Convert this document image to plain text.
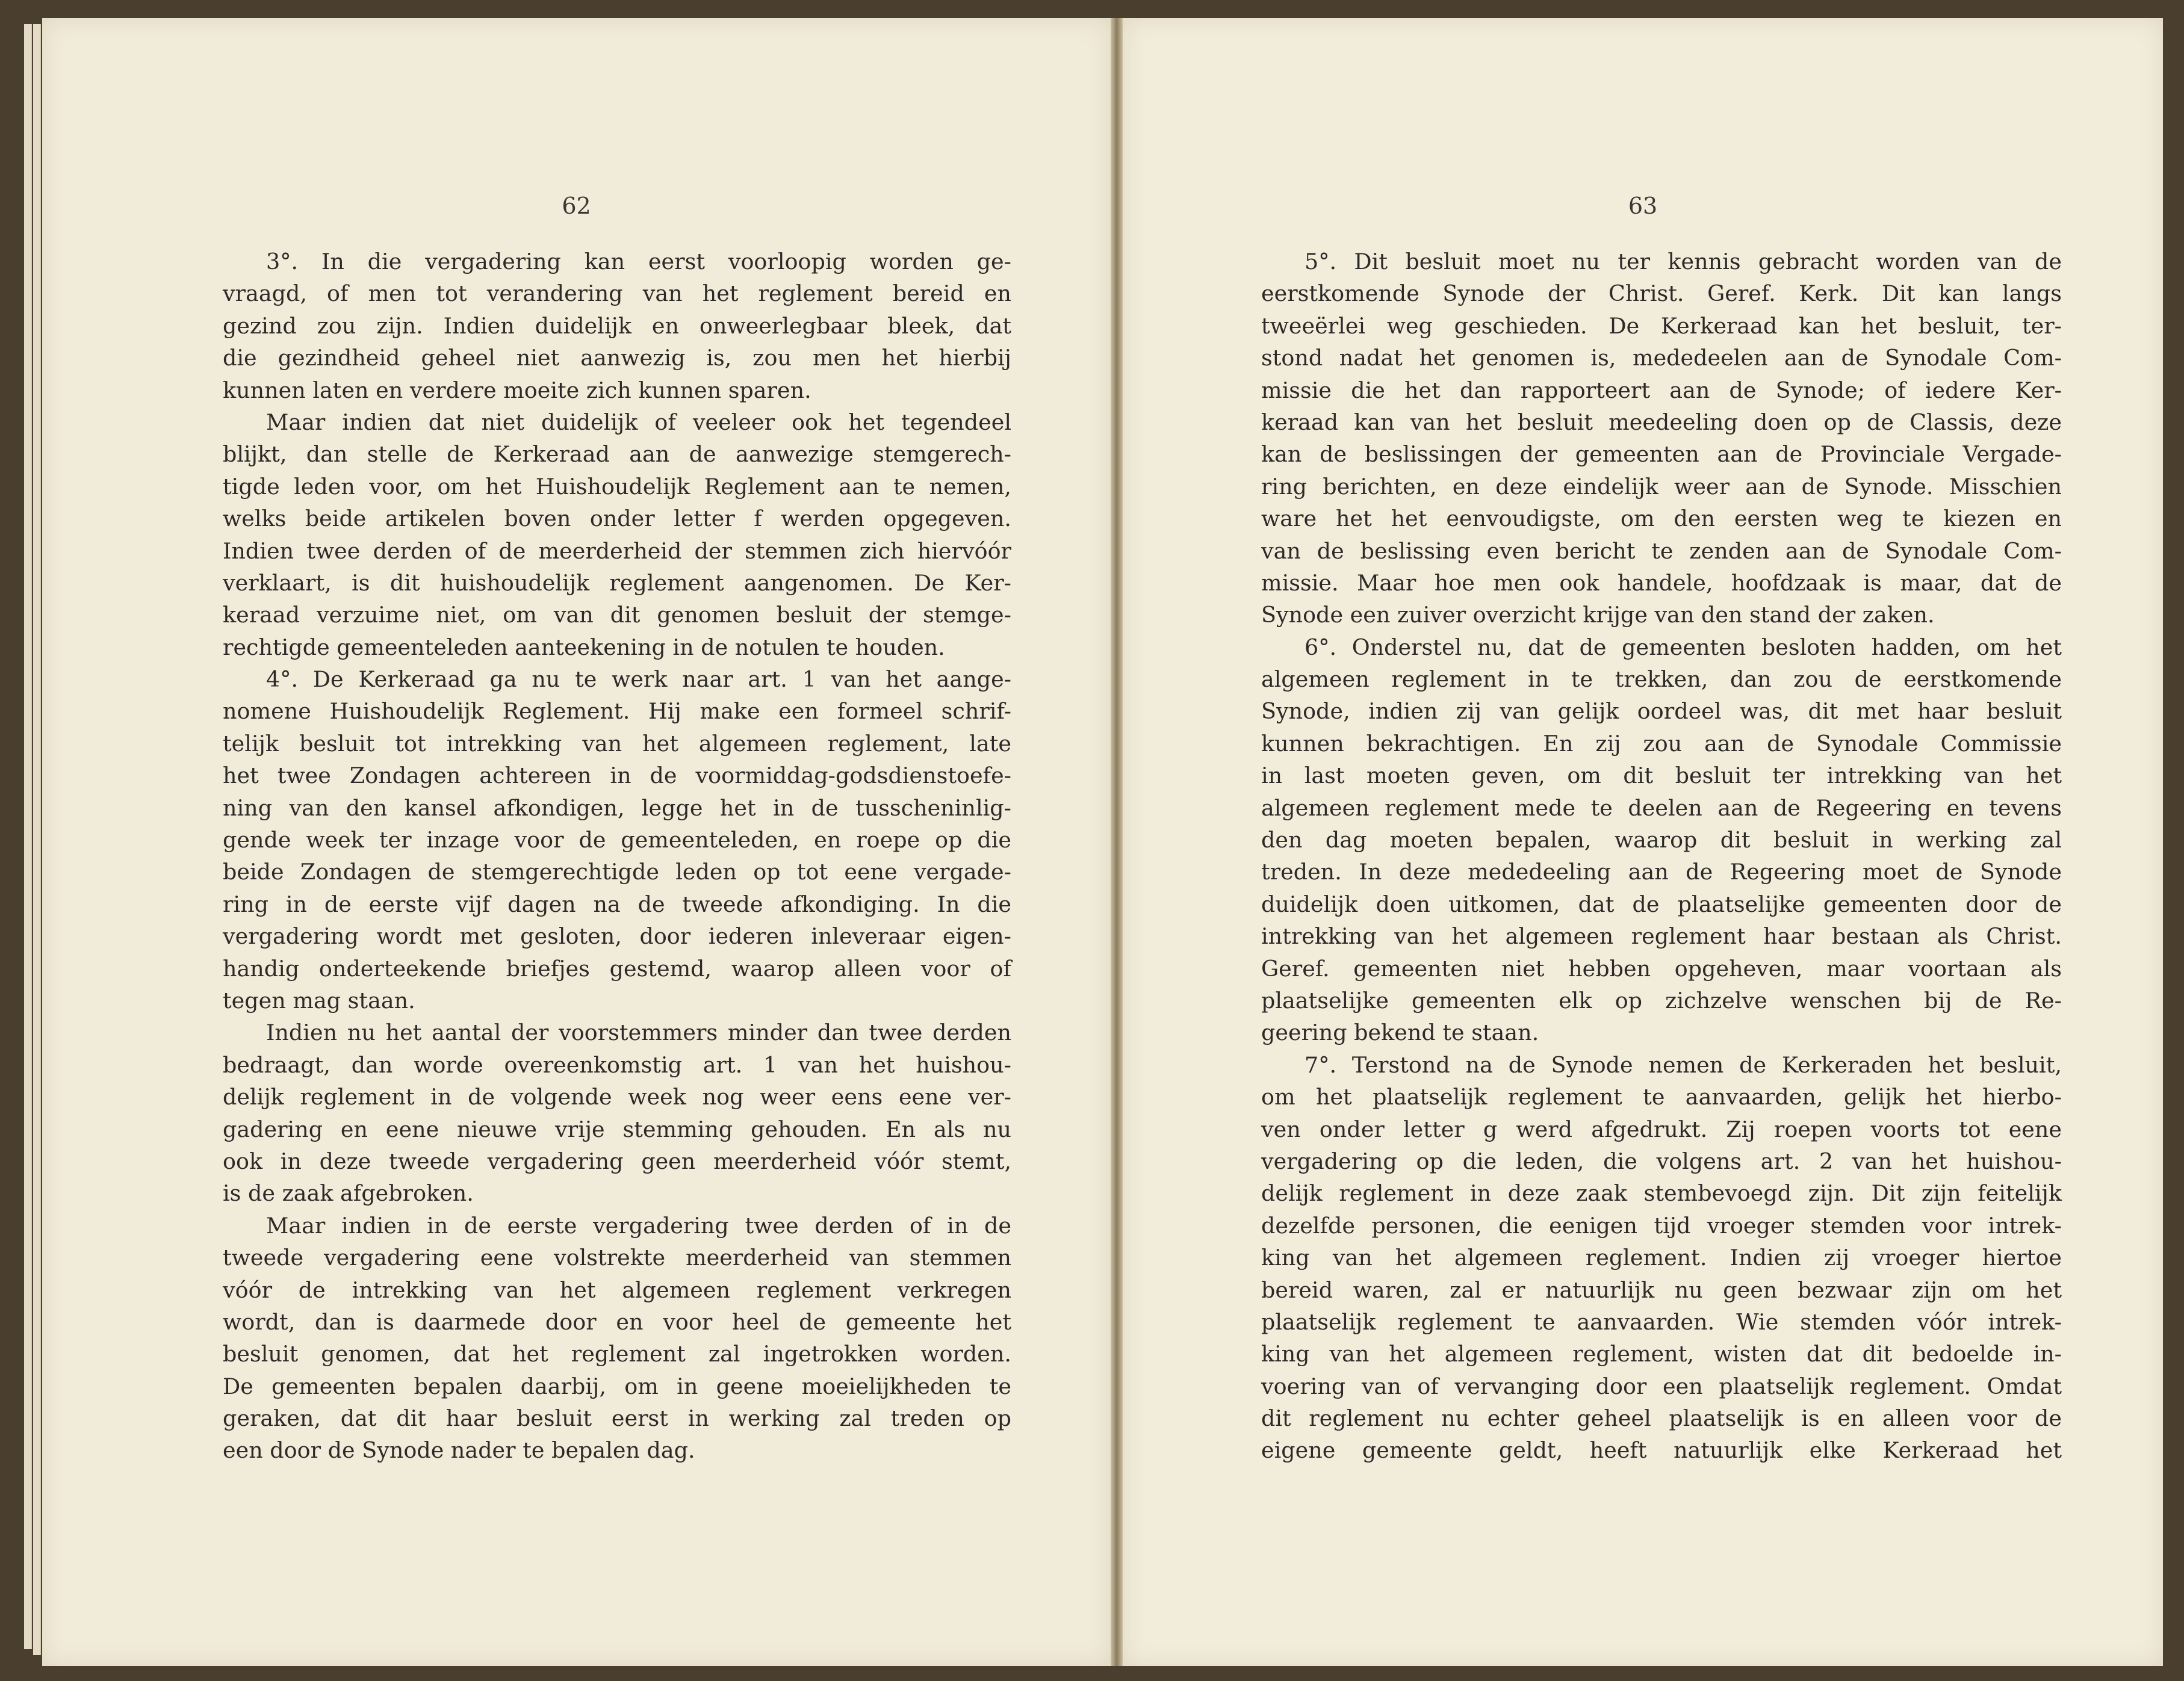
62
3°. In die vergadering kan eerst voorloopig worden ge-
vraagd, of men tot verandering van het reglement bereid en
gezind zou zijn. Indien duidelijk en onweerlegbaar bleek, dat
die gezindheid geheel niet aanwezig is, zou men het hierbij
kunnen laten en verdere moeite zich kunnen sparen.
Maar indien dat niet duidelijk of veeleer ook het tegendeel
blijkt, dan stelle de Kerkeraad aan de aanwezige stemgerech-
tigde leden voor, om het Huishoudelijk Reglement aan te nemen,
welks beide artikelen boven onder letter f werden opgegeven.
Indien twee derden of de meerderheid der stemmen zich hiervóór
verklaart, is dit huishoudelijk reglement aangenomen. De Ker-
keraad verzuime niet, om van dit genomen besluit der stemge-
rechtigde gemeenteleden aanteekening in de notulen te houden.
4°. De Kerkeraad ga nu te werk naar art. 1 van het aange-
nomene Huishoudelijk Reglement. Hij make een formeel schrif-
telijk besluit tot intrekking van het algemeen reglement, late
het twee Zondagen achtereen in de voormiddag-godsdienstoefe-
ning van den kansel afkondigen, legge het in de tusscheninlig-
gende week ter inzage voor de gemeenteleden, en roepe op die
beide Zondagen de stemgerechtigde leden op tot eene vergade-
ring in de eerste vijf dagen na de tweede afkondiging. In die
vergadering wordt met gesloten, door iederen inleveraar eigen-
handig onderteekende briefjes gestemd, waarop alleen voor of
tegen mag staan.
Indien nu het aantal der voorstemmers minder dan twee derden
bedraagt, dan worde overeenkomstig art. 1 van het huishou-
delijk reglement in de volgende week nog weer eens eene ver-
gadering en eene nieuwe vrije stemming gehouden. En als nu
ook in deze tweede vergadering geen meerderheid vóór stemt,
is de zaak afgebroken.
Maar indien in de eerste vergadering twee derden of in de
tweede vergadering eene volstrekte meerderheid van stemmen
vóór de intrekking van het algemeen reglement verkregen
wordt, dan is daarmede door en voor heel de gemeente het
besluit genomen, dat het reglement zal ingetrokken worden.
De gemeenten bepalen daarbij, om in geene moeielijkheden te
geraken, dat dit haar besluit eerst in werking zal treden op
een door de Synode nader te bepalen dag.
63
5°. Dit besluit moet nu ter kennis gebracht worden van de
eerstkomende Synode der Christ. Geref. Kerk. Dit kan langs
tweeërlei weg geschieden. De Kerkeraad kan het besluit, ter-
stond nadat het genomen is, mededeelen aan de Synodale Com-
missie die het dan rapporteert aan de Synode; of iedere Ker-
keraad kan van het besluit meedeeling doen op de Classis, deze
kan de beslissingen der gemeenten aan de Provinciale Vergade-
ring berichten, en deze eindelijk weer aan de Synode. Misschien
ware het het eenvoudigste, om den eersten weg te kiezen en
van de beslissing even bericht te zenden aan de Synodale Com-
missie. Maar hoe men ook handele, hoofdzaak is maar, dat de
Synode een zuiver overzicht krijge van den stand der zaken.
6°. Onderstel nu, dat de gemeenten besloten hadden, om het
algemeen reglement in te trekken, dan zou de eerstkomende
Synode, indien zij van gelijk oordeel was, dit met haar besluit
kunnen bekrachtigen. En zij zou aan de Synodale Commissie
in last moeten geven, om dit besluit ter intrekking van het
algemeen reglement mede te deelen aan de Regeering en tevens
den dag moeten bepalen, waarop dit besluit in werking zal
treden. In deze mededeeling aan de Regeering moet de Synode
duidelijk doen uitkomen, dat de plaatselijke gemeenten door de
intrekking van het algemeen reglement haar bestaan als Christ.
Geref. gemeenten niet hebben opgeheven, maar voortaan als
plaatselijke gemeenten elk op zichzelve wenschen bij de Re-
geering bekend te staan.
7°. Terstond na de Synode nemen de Kerkeraden het besluit,
om het plaatselijk reglement te aanvaarden, gelijk het hierbo-
ven onder letter g werd afgedrukt. Zij roepen voorts tot eene
vergadering op die leden, die volgens art. 2 van het huishou-
delijk reglement in deze zaak stembevoegd zijn. Dit zijn feitelijk
dezelfde personen, die eenigen tijd vroeger stemden voor intrek-
king van het algemeen reglement. Indien zij vroeger hiertoe
bereid waren, zal er natuurlijk nu geen bezwaar zijn om het
plaatselijk reglement te aanvaarden. Wie stemden vóór intrek-
king van het algemeen reglement, wisten dat dit bedoelde in-
voering van of vervanging door een plaatselijk reglement. Omdat
dit reglement nu echter geheel plaatselijk is en alleen voor de
eigene gemeente geldt, heeft natuurlijk elke Kerkeraad het
